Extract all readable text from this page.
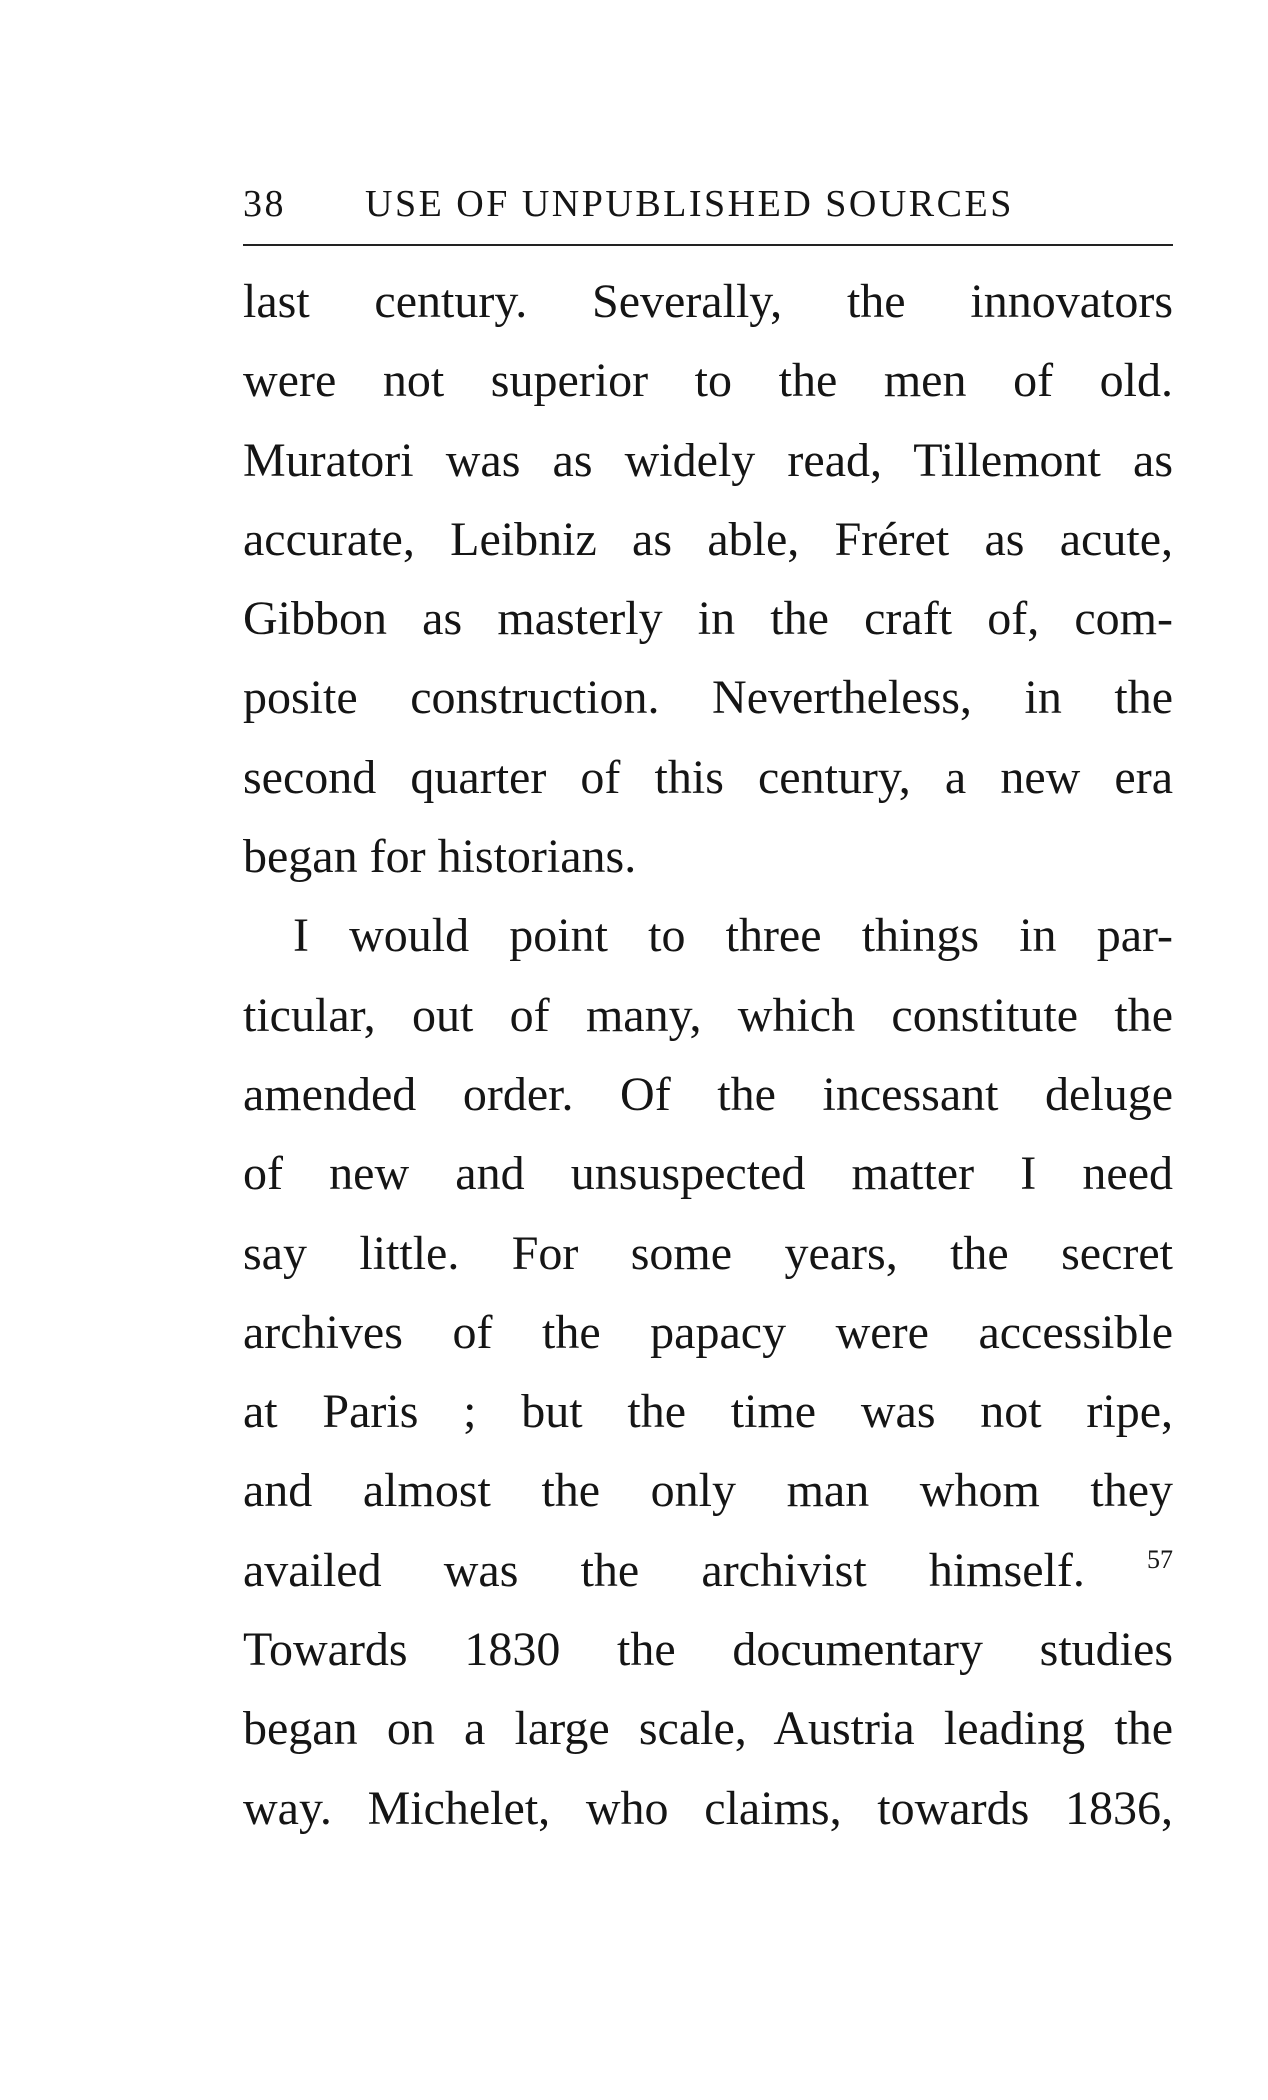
38 USE OF UNPUBLISHED SOURCES
last century. Severally, the innovators
were not superior to the men of old.
Muratori was as widely read, Tillemont as
accurate, Leibniz as able, Fréret as acute,
Gibbon as masterly in the craft of, com-
posite construction. Nevertheless, in the
second quarter of this century, a new era
began for historians.
I would point to three things in par-
ticular, out of many, which constitute the
amended order. Of the incessant deluge
of new and unsuspected matter I need
say little. For some years, the secret
archives of the papacy were accessible
at Paris ; but the time was not ripe,
and almost the only man whom they
availed was the archivist himself. $^{57}$
Towards 1830 the documentary studies
began on a large scale, Austria leading the
way. Michelet, who claims, towards 1836,
